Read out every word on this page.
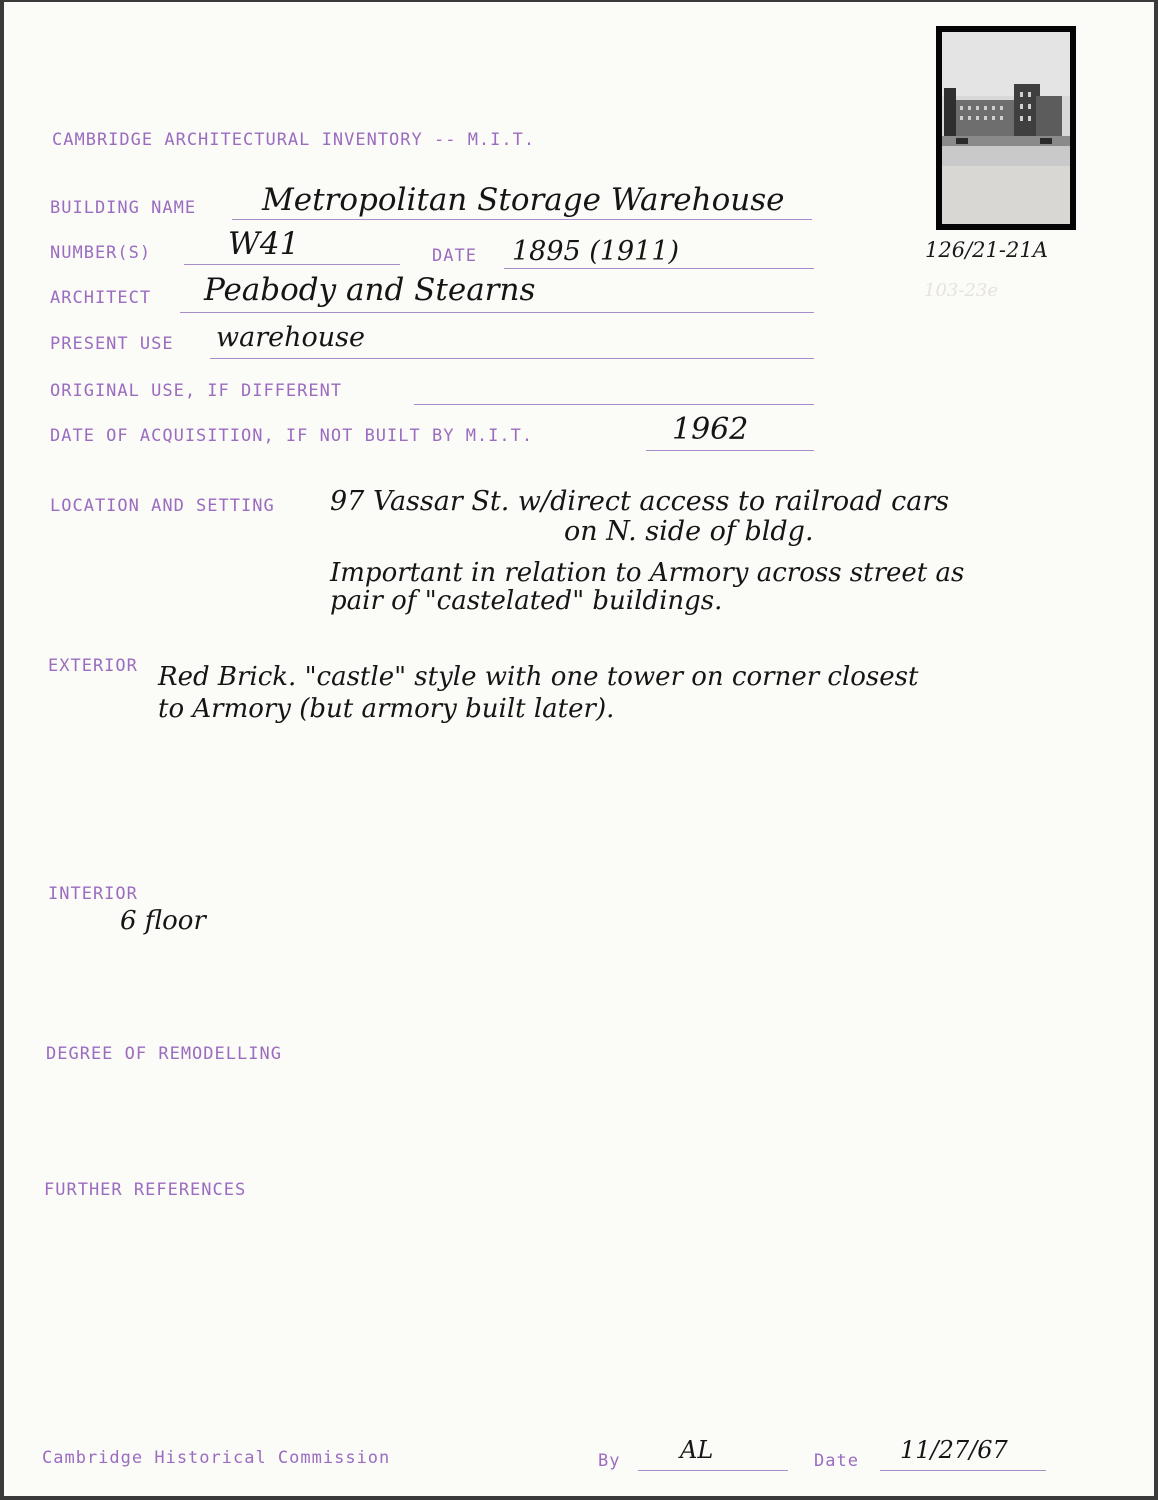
126/21-21A
103-23e
CAMBRIDGE ARCHITECTURAL INVENTORY -- M.I.T.
BUILDING NAME Metropolitan Storage Warehouse
NUMBER(S) W41	DATE 1895 (1911)
ARCHITECT Peabody and Stearns
PRESENT USE warehouse
ORIGINAL USE, IF DIFFERENT
DATE OF ACQUISITION, IF NOT BUILT BY M.I.T.	1962
LOCATION AND SETTING 97 Vassar St. w/direct access to railroad cars
on N. side of bldg.
Important in relation to Armory across street as
pair of "castelated" buildings.
EXTERIOR Red Brick. "castle" style with one tower on corner closest
to Armory (but armory built later).
INTERIOR
6 floor
DEGREE OF REMODELLING
FURTHER REFERENCES
Cambridge Historical Commission	By AL	Date 11/27/67
